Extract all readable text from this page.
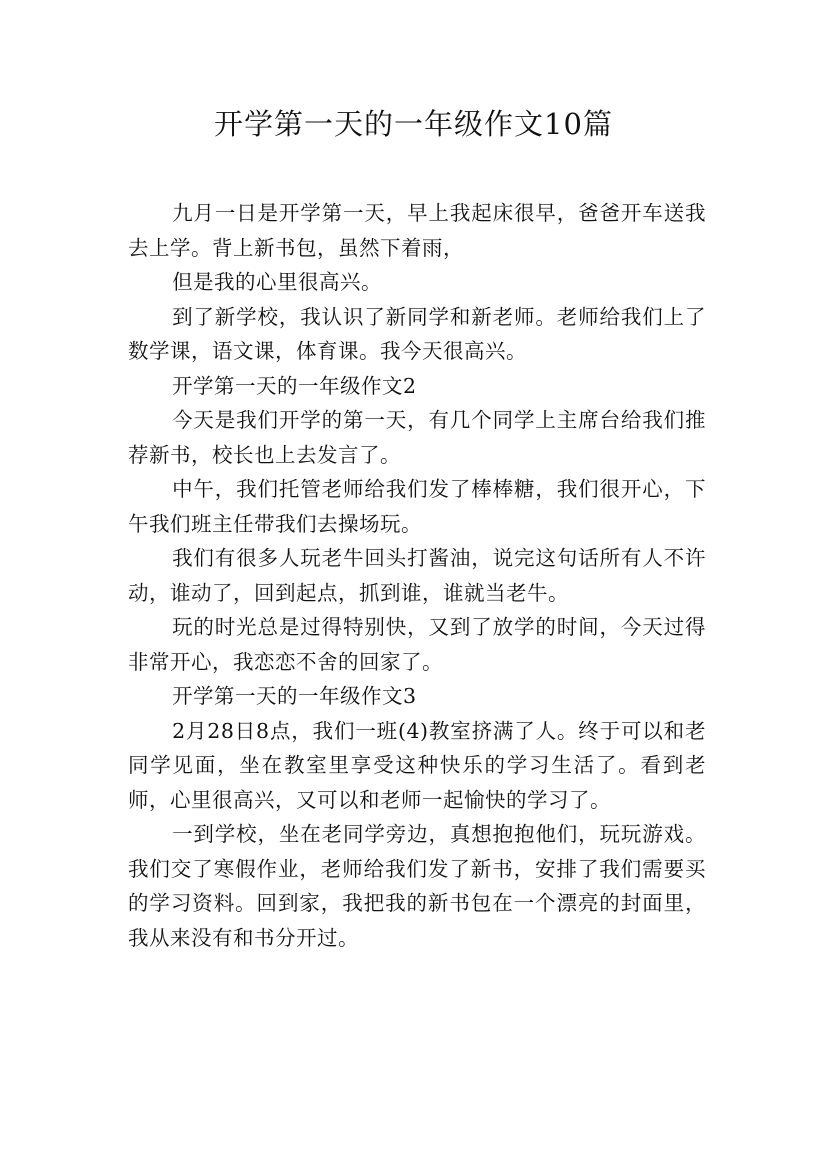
开学第一天的一年级作文10篇

九月一日是开学第一天，早上我起床很早，爸爸开车送我去上学。背上新书包，虽然下着雨，

但是我的心里很高兴。

到了新学校，我认识了新同学和新老师。老师给我们上了数学课，语文课，体育课。我今天很高兴。

开学第一天的一年级作文2

今天是我们开学的第一天，有几个同学上主席台给我们推荐新书，校长也上去发言了。

中午，我们托管老师给我们发了棒棒糖，我们很开心，下午我们班主任带我们去操场玩。

我们有很多人玩老牛回头打酱油，说完这句话所有人不许动，谁动了，回到起点，抓到谁，谁就当老牛。

玩的时光总是过得特别快，又到了放学的时间，今天过得非常开心，我恋恋不舍的回家了。

开学第一天的一年级作文3

2月28日8点，我们一班(4)教室挤满了人。终于可以和老同学见面，坐在教室里享受这种快乐的学习生活了。看到老师，心里很高兴，又可以和老师一起愉快的学习了。

一到学校，坐在老同学旁边，真想抱抱他们，玩玩游戏。我们交了寒假作业，老师给我们发了新书，安排了我们需要买的学习资料。回到家，我把我的新书包在一个漂亮的封面里，我从来没有和书分开过。
